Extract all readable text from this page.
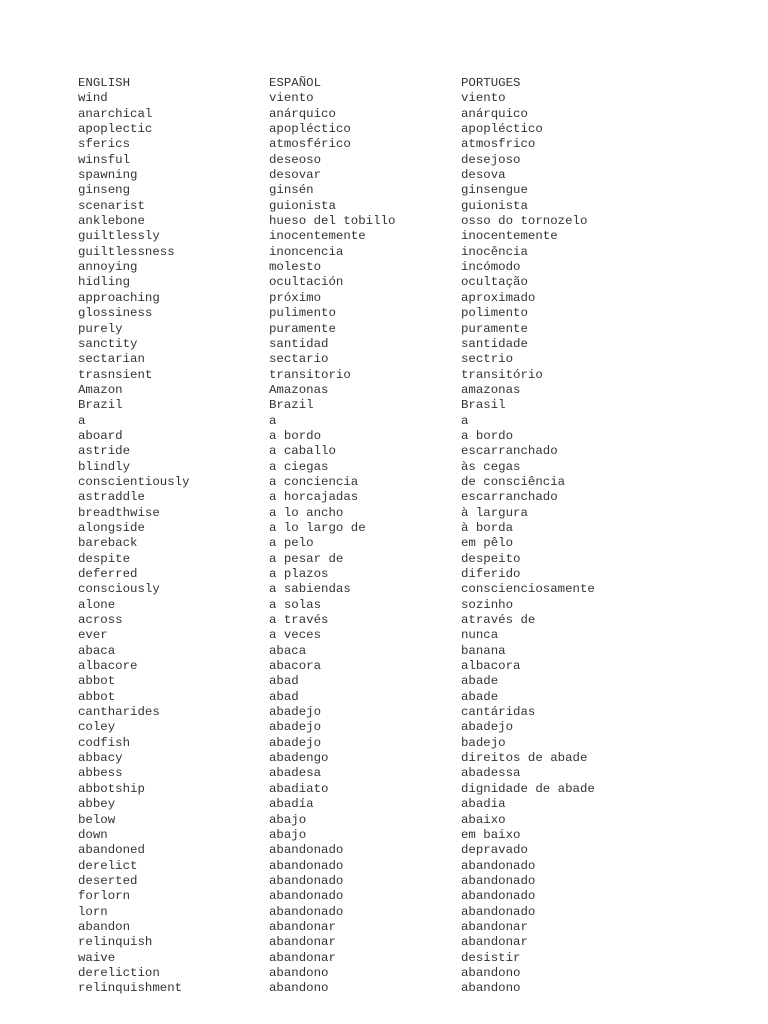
ENGLISH	ESPAÑOL	PORTUGES
wind	viento	viento
anarchical	anárquico	anárquico
apoplectic	apopléctico	apopléctico
sferics	atmosférico	atmosfrico
winsful	deseoso	desejoso
spawning	desovar	desova
ginseng	ginsén	ginsengue
scenarist	guionista	guionista
anklebone	hueso del tobillo	osso do tornozelo
guiltlessly	inocentemente	inocentemente
guiltlessness	inoncencia	inocência
annoying	molesto	incómodo
hidling	ocultación	ocultação
approaching	próximo	aproximado
glossiness	pulimento	polimento
purely	puramente	puramente
sanctity	santidad	santidade
sectarian	sectario	sectrio
trasnsient	transitorio	transitório
Amazon	Amazonas	amazonas
Brazil	Brazil	Brasil
a	a	a
aboard	a bordo	a bordo
astride	a caballo	escarranchado
blindly	a ciegas	às cegas
conscientiously	a conciencia	de consciência
astraddle	a horcajadas	escarranchado
breadthwise	a lo ancho	à largura
alongside	a lo largo de	à borda
bareback	a pelo	em pêlo
despite	a pesar de	despeito
deferred	a plazos	diferido
consciously	a sabiendas	conscienciosamente
alone	a solas	sozinho
across	a través	através de
ever	a veces	nunca
abaca	abaca	banana
albacore	abacora	albacora
abbot	abad	abade
abbot	abad	abade
cantharides	abadejo	cantáridas
coley	abadejo	abadejo
codfish	abadejo	badejo
abbacy	abadengo	direitos de abade
abbess	abadesa	abadessa
abbotship	abadiato	dignidade de abade
abbey	abadía	abadia
below	abajo	abaixo
down	abajo	em baixo
abandoned	abandonado	depravado
derelict	abandonado	abandonado
deserted	abandonado	abandonado
forlorn	abandonado	abandonado
lorn	abandonado	abandonado
abandon	abandonar	abandonar
relinquish	abandonar	abandonar
waive	abandonar	desistir
dereliction	abandono	abandono
relinquishment	abandono	abandono
